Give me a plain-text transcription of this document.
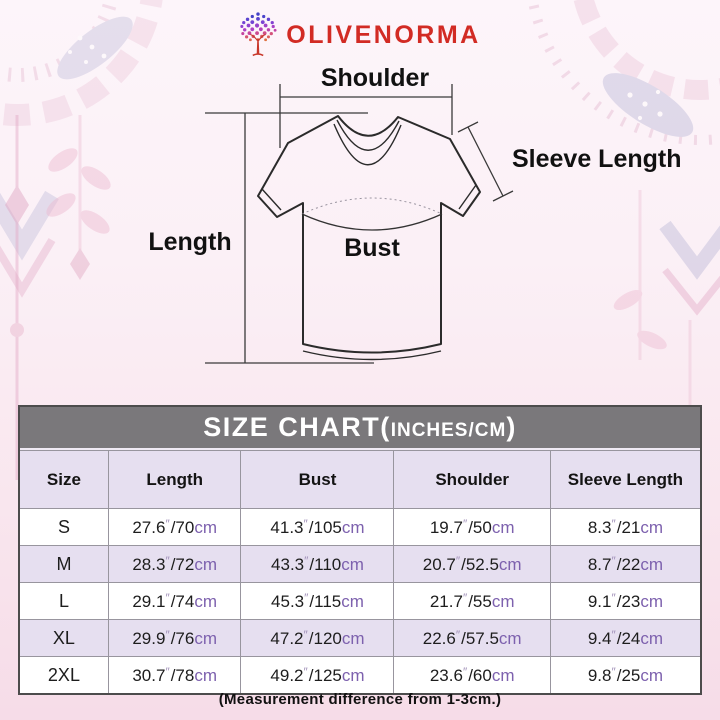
OLIVENORMA
Shoulder
Sleeve Length
Length	Bust
SIZE CHART(INCHES/CM)
Size	Length	Bust	Shoulder	Sleeve Length
S	27.6″/70cm	41.3″/105cm	19.7″/50cm	8.3″/21cm
M	28.3″/72cm	43.3″/110cm	20.7″/52.5cm	8.7″/22cm
L	29.1″/74cm	45.3″/115cm	21.7″/55cm	9.1″/23cm
XL	29.9″/76cm	47.2″/120cm	22.6″/57.5cm	9.4″/24cm
2XL	30.7″/78cm	49.2″/125cm	23.6″/60cm	9.8″/25cm
(Measurement difference from 1-3cm.)
